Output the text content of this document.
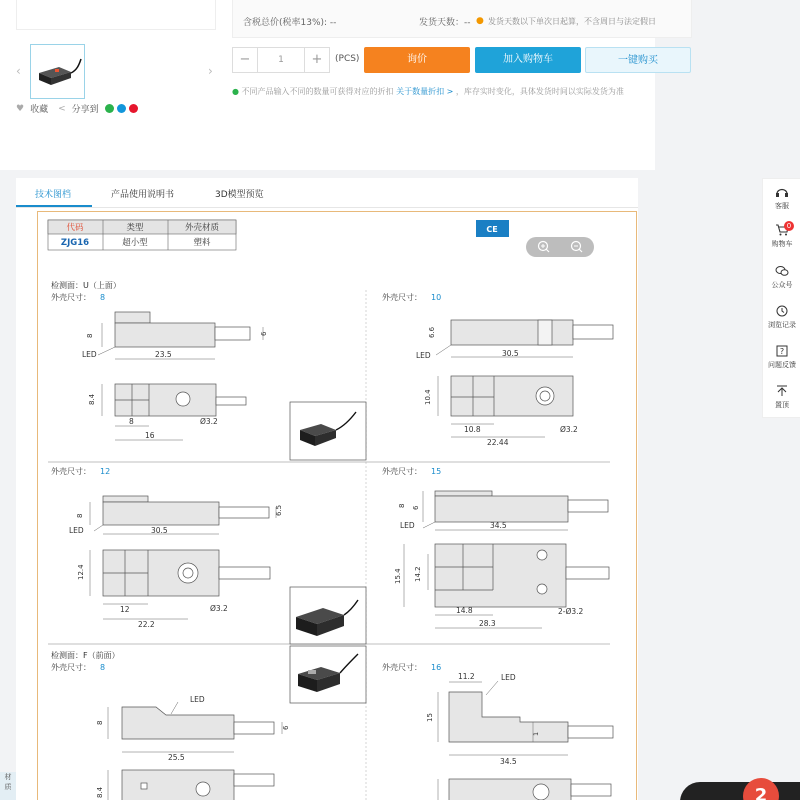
‹	›
♥ 收藏 < 分享到
含税总价(税率13%): --	发货天数：-- ● 发货天数以下单次日起算，不含周日与法定假日
−	1	+	(PCS)	询价	加入购物车	一键购买
● 不同产品输入不同的数量可获得对应的折扣 关于数量折扣 > ，库存实时变化，具体发货时间以实际发货为准
技术图档	产品使用说明书	3D模型预览
代码	类型	外壳材质
ZJG16	超小型	塑料
CE
检测面：U（上面）
外壳尺寸： 8
8	6
LED	23.5
8.4
8
16
Ø3.2
外壳尺寸： 10
6.6
LED	30.5
10.4
10.8
22.44
Ø3.2
外壳尺寸： 12
8	6.5
LED	30.5
12.4
12
22.2
Ø3.2
外壳尺寸： 15
8 6
LED	34.5
15.4 14.2
14.8
28.3
2-Ø3.2
检测面：F（前面）
外壳尺寸： 8
LED
8
6
25.5
8.4
外壳尺寸： 16
11.2	LED
15
1
34.5
客服
0
购物车
公众号
浏览记录
?
问题反馈
置顶
材 质	2
